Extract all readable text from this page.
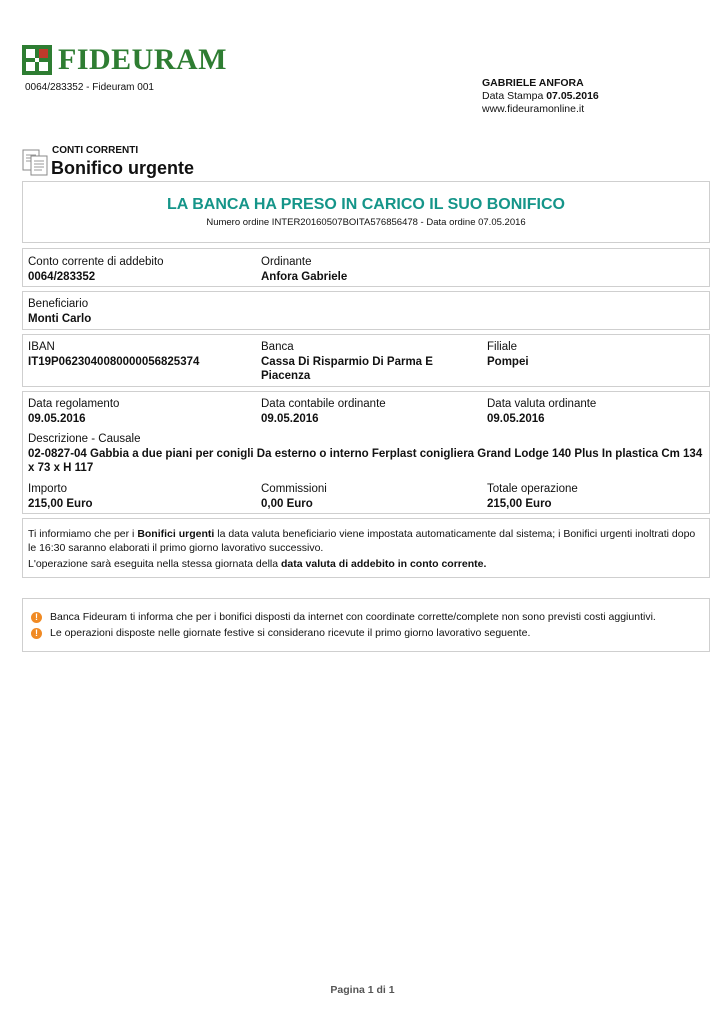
FIDEURAM
0064/283352 - Fideuram 001	GABRIELE ANFORA
Data Stampa 07.05.2016
www.fideuramonline.it
CONTI CORRENTI
Bonifico urgente
LA BANCA HA PRESO IN CARICO IL SUO BONIFICO
Numero ordine INTER20160507BOITA576856478 - Data ordine 07.05.2016
Conto corrente di addebito
0064/283352
Ordinante
Anfora Gabriele
Beneficiario
Monti Carlo
IBAN
IT19P0623040080000056825374
Banca
Cassa Di Risparmio Di Parma E Piacenza
Filiale
Pompei
Data regolamento
09.05.2016
Data contabile ordinante
09.05.2016
Data valuta ordinante
09.05.2016
Descrizione - Causale
02-0827-04 Gabbia a due piani per conigli Da esterno o interno Ferplast conigliera Grand Lodge 140 Plus In plastica Cm 134 x 73 x H 117
Importo
215,00 Euro
Commissioni
0,00 Euro
Totale operazione
215,00 Euro

Ti informiamo che per i Bonifici urgenti la data valuta beneficiario viene impostata automaticamente dal sistema; i Bonifici urgenti inoltrati dopo le 16:30 saranno elaborati il primo giorno lavorativo successivo.

L'operazione sarà eseguita nella stessa giornata della data valuta di addebito in conto corrente.

!	Banca Fideuram ti informa che per i bonifici disposti da internet con coordinate corrette/complete non sono previsti costi aggiuntivi.
!	Le operazioni disposte nelle giornate festive si considerano ricevute il primo giorno lavorativo seguente.
Pagina 1 di 1
